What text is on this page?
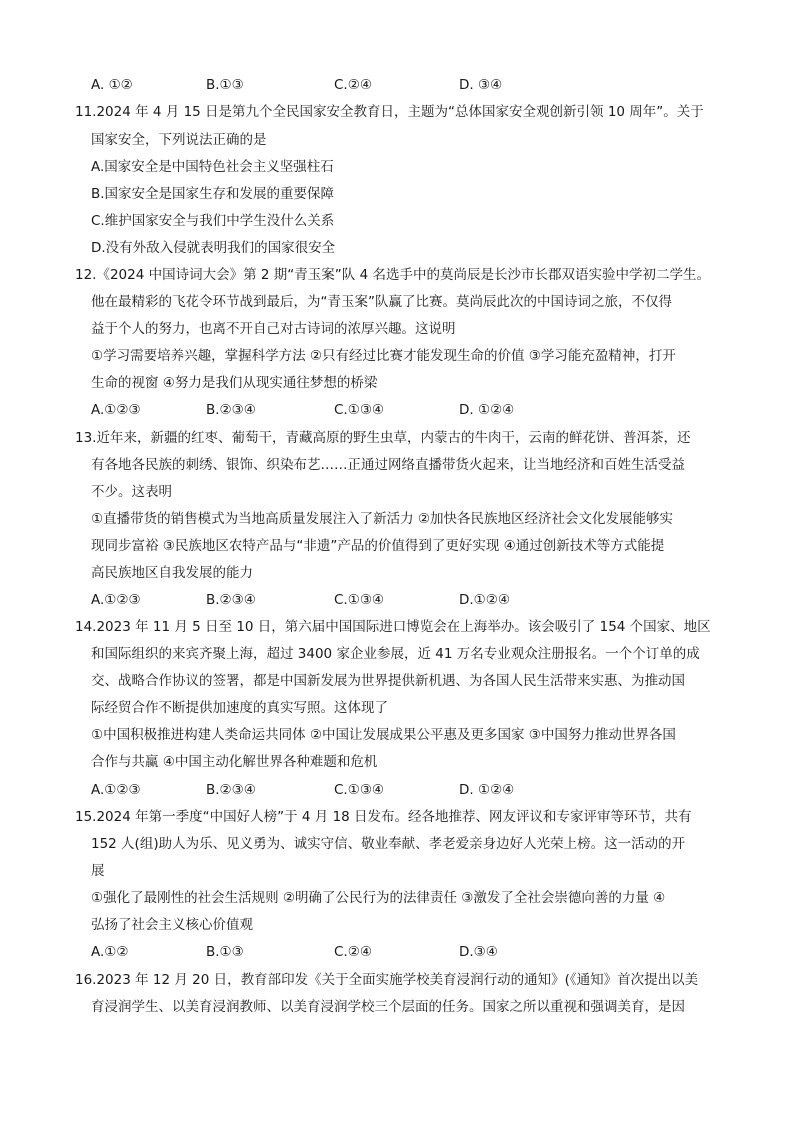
A. ①②	B.①③	C.②④	D. ③④
11.2024 年 4 月 15 日是第九个全民国家安全教育日，主题为“总体国家安全观创新引领 10 周年”。关于
国家安全，下列说法正确的是
A.国家安全是中国特色社会主义坚强柱石
B.国家安全是国家生存和发展的重要保障
C.维护国家安全与我们中学生没什么关系
D.没有外敌入侵就表明我们的国家很安全
12.《2024 中国诗词大会》第 2 期“青玉案”队 4 名选手中的莫尚辰是长沙市长郡双语实验中学初二学生。
他在最精彩的飞花令环节战到最后，为“青玉案”队赢了比赛。莫尚辰此次的中国诗词之旅，不仅得
益于个人的努力，也离不开自己对古诗词的浓厚兴趣。这说明
①学习需要培养兴趣，掌握科学方法 ②只有经过比赛才能发现生命的价值 ③学习能充盈精神，打开
生命的视窗 ④努力是我们从现实通往梦想的桥梁
A.①②③	B.②③④	C.①③④	D. ①②④
13.近年来，新疆的红枣、葡萄干，青藏高原的野生虫草，内蒙古的牛肉干，云南的鲜花饼、普洱茶，还
有各地各民族的刺绣、银饰、织染布艺……正通过网络直播带货火起来，让当地经济和百姓生活受益
不少。这表明
①直播带货的销售模式为当地高质量发展注入了新活力 ②加快各民族地区经济社会文化发展能够实
现同步富裕 ③民族地区农特产品与“非遗”产品的价值得到了更好实现 ④通过创新技术等方式能提
高民族地区自我发展的能力
A.①②③	B.②③④	C.①③④	D.①②④
14.2023 年 11 月 5 日至 10 日，第六届中国国际进口博览会在上海举办。该会吸引了 154 个国家、地区
和国际组织的来宾齐聚上海，超过 3400 家企业参展，近 41 万名专业观众注册报名。一个个订单的成
交、战略合作协议的签署，都是中国新发展为世界提供新机遇、为各国人民生活带来实惠、为推动国
际经贸合作不断提供加速度的真实写照。这体现了
①中国积极推进构建人类命运共同体 ②中国让发展成果公平惠及更多国家 ③中国努力推动世界各国
合作与共赢 ④中国主动化解世界各种难题和危机
A.①②③	B.②③④	C.①③④	D. ①②④
15.2024 年第一季度“中国好人榜”于 4 月 18 日发布。经各地推荐、网友评议和专家评审等环节，共有
152 人(组)助人为乐、见义勇为、诚实守信、敬业奉献、孝老爱亲身边好人光荣上榜。这一活动的开
展
①强化了最刚性的社会生活规则 ②明确了公民行为的法律责任 ③激发了全社会崇德向善的力量 ④
弘扬了社会主义核心价值观
A.①②	B.①③	C.②④	D.③④
16.2023 年 12 月 20 日，教育部印发《关于全面实施学校美育浸润行动的通知》(《通知》首次提出以美
育浸润学生、以美育浸润教师、以美育浸润学校三个层面的任务。国家之所以重视和强调美育，是因
